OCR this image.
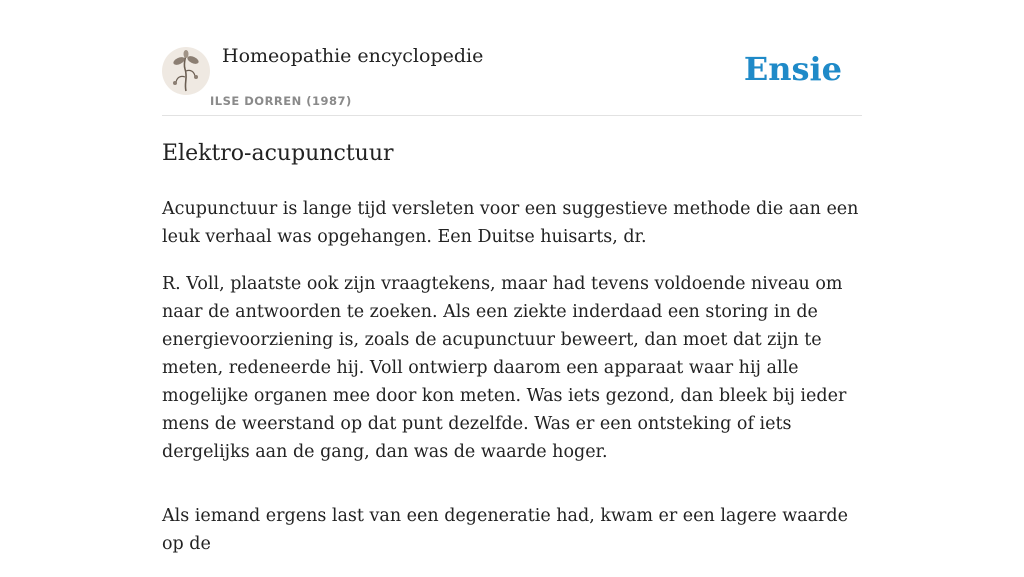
Homeopathie encyclopedie
ILSE DORREN (1987)
Ensie
Elektro-acupunctuur

Acupunctuur is lange tijd versleten voor een suggestieve methode die aan een leuk verhaal was opgehangen. Een Duitse huisarts, dr.

R. Voll, plaatste ook zijn vraagtekens, maar had tevens voldoende niveau om naar de antwoorden te zoeken. Als een ziekte inderdaad een storing in de energievoorziening is, zoals de acupunctuur beweert, dan moet dat zijn te meten, redeneerde hij. Voll ontwierp daarom een apparaat waar hij alle mogelijke organen mee door kon meten. Was iets gezond, dan bleek bij ieder mens de weerstand op dat punt dezelfde. Was er een ontsteking of iets dergelijks aan de gang, dan was de waarde hoger.

Als iemand ergens last van een degeneratie had, kwam er een lagere waarde op de
